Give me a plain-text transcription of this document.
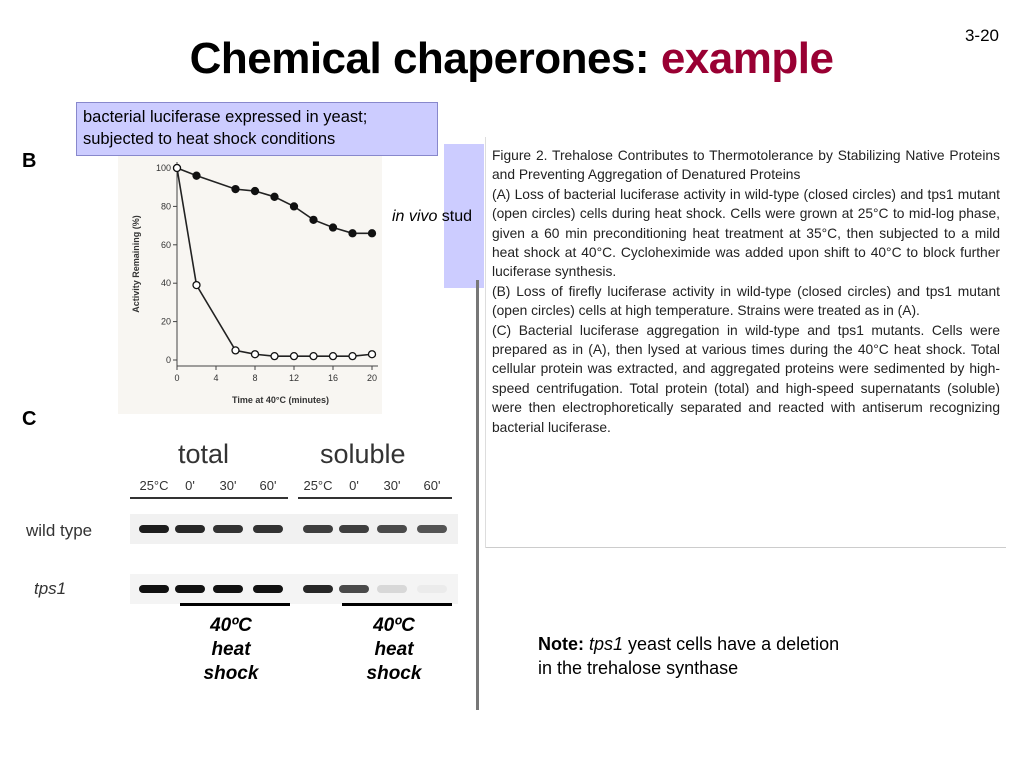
3-20
Chemical chaperones: example
in vivo stud
bacterial luciferase expressed in yeast;
subjected to heat shock conditions
B
C
0
20
40
60
80
100
0	4	8	12	16	20
Time at 40°C (minutes)
Activity Remaining (%)

Figure 2. Trehalose Contributes to Thermotolerance by Stabilizing Native Proteins and Preventing Aggregation of Denatured Proteins

(A) Loss of bacterial luciferase activity in wild-type (closed circles) and tps1 mutant (open circles) cells during heat shock. Cells were grown at 25°C to mid-log phase, given a 60 min preconditioning heat treatment at 35°C, then subjected to a mild heat shock at 40°C. Cycloheximide was added upon shift to 40°C to block further luciferase synthesis.

(B) Loss of firefly luciferase activity in wild-type (closed circles) and tps1 mutant (open circles) cells at high temperature. Strains were treated as in (A).

(C) Bacterial luciferase aggregation in wild-type and tps1 mutants. Cells were prepared as in (A), then lysed at various times during the 40°C heat shock. Total cellular protein was extracted, and aggregated proteins were sedimented by high-speed centrifugation. Total protein (total) and high-speed supernatants (soluble) were then electrophoretically separated and reacted with antiserum recognizing bacterial luciferase.

total	soluble
25°C 0' 30' 60' 25°C 0' 30' 60'
wild type
tps1
40ºC
heat
shock
40ºC
heat
shock
Note: tps1 yeast cells have a deletion
in the trehalose synthase
